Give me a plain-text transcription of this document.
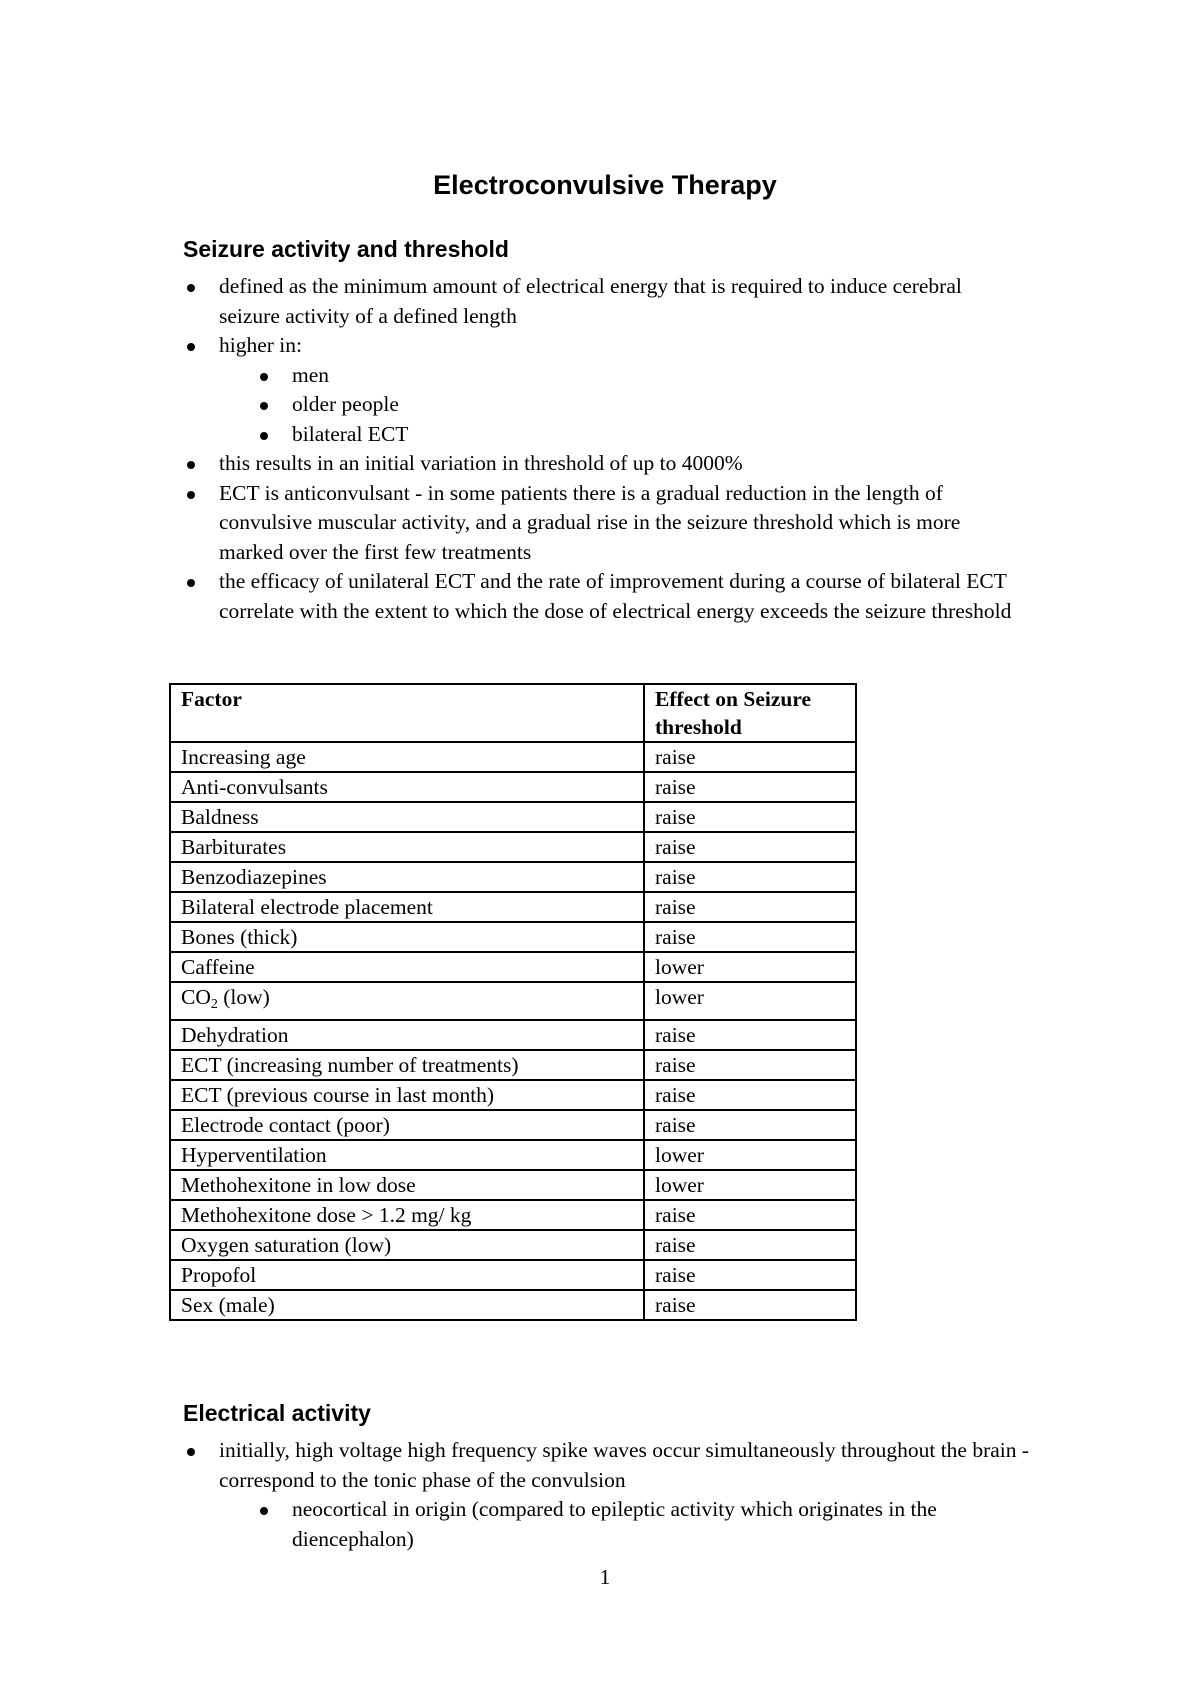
Electroconvulsive Therapy
Seizure activity and threshold
defined as the minimum amount of electrical energy that is required to induce cerebral seizure activity of a defined length
higher in:
men
older people
bilateral ECT
this results in an initial variation in threshold of up to 4000%
ECT is anticonvulsant - in some patients there is a gradual reduction in the length of convulsive muscular activity, and a gradual rise in the seizure threshold which is more marked over the first few treatments
the efficacy of unilateral ECT and the rate of improvement during a course of bilateral ECT correlate with the extent to which the dose of electrical energy exceeds the seizure threshold
Factor	Effect on Seizure threshold
Increasing age	raise
Anti-convulsants	raise
Baldness	raise
Barbiturates	raise
Benzodiazepines	raise
Bilateral electrode placement	raise
Bones (thick)	raise
Caffeine	lower
$CO_2$ (low)	lower
Dehydration	raise
ECT (increasing number of treatments)	raise
ECT (previous course in last month)	raise
Electrode contact (poor)	raise
Hyperventilation	lower
Methohexitone in low dose	lower
Methohexitone dose > 1.2 mg/ kg	raise
Oxygen saturation (low)	raise
Propofol	raise
Sex (male)	raise
Electrical activity
initially, high voltage high frequency spike waves occur simultaneously throughout the brain - correspond to the tonic phase of the convulsion
neocortical in origin (compared to epileptic activity which originates in the diencephalon)
1
